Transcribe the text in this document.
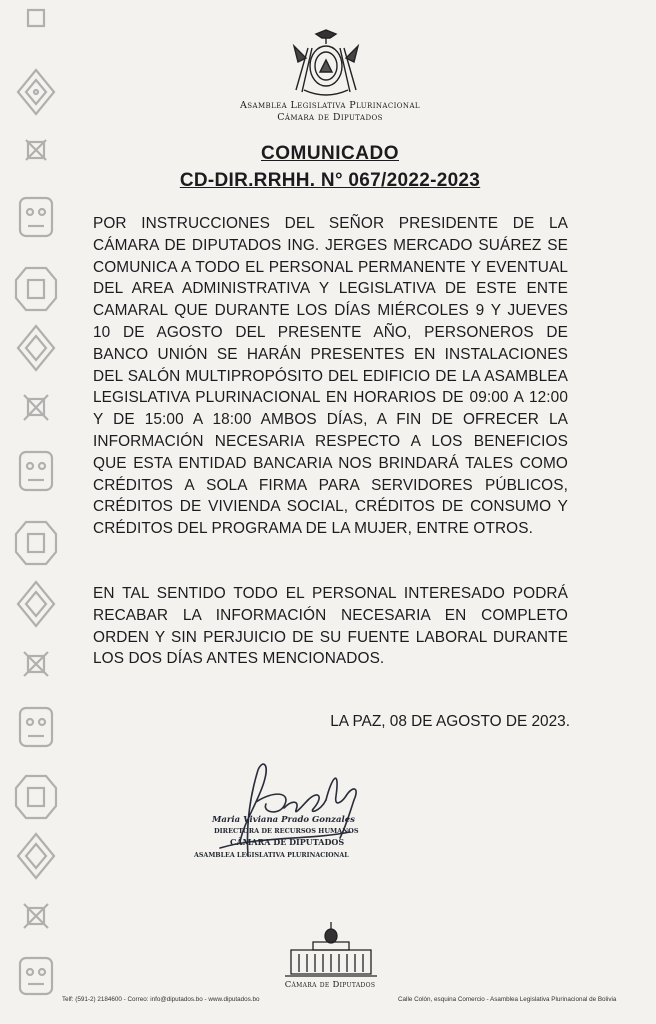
Asamblea Legislativa Plurinacional
Cámara de Diputados
COMUNICADO
CD-DIR.RRHH. N° 067/2022-2023

POR INSTRUCCIONES DEL SEÑOR PRESIDENTE DE LA CÁMARA DE DIPUTADOS ING. JERGES MERCADO SUÁREZ SE COMUNICA A TODO EL PERSONAL PERMANENTE Y EVENTUAL DEL AREA ADMINISTRATIVA Y LEGISLATIVA DE ESTE ENTE CAMARAL QUE DURANTE LOS DÍAS MIÉRCOLES 9 Y JUEVES 10 DE AGOSTO DEL PRESENTE AÑO, PERSONEROS DE BANCO UNIÓN SE HARÁN PRESENTES EN INSTALACIONES DEL SALÓN MULTIPROPÓSITO DEL EDIFICIO DE LA ASAMBLEA LEGISLATIVA PLURINACIONAL EN HORARIOS DE 09:00 A 12:00 Y DE 15:00 A 18:00 AMBOS DÍAS, A FIN DE OFRECER LA INFORMACIÓN NECESARIA RESPECTO A LOS BENEFICIOS QUE ESTA ENTIDAD BANCARIA NOS BRINDARÁ TALES COMO CRÉDITOS A SOLA FIRMA PARA SERVIDORES PÚBLICOS, CRÉDITOS DE VIVIENDA SOCIAL, CRÉDITOS DE CONSUMO Y CRÉDITOS DEL PROGRAMA DE LA MUJER, ENTRE OTROS.

EN TAL SENTIDO TODO EL PERSONAL INTERESADO PODRÁ RECABAR LA INFORMACIÓN NECESARIA EN COMPLETO ORDEN Y SIN PERJUICIO DE SU FUENTE LABORAL DURANTE LOS DOS DÍAS ANTES MENCIONADOS.

LA PAZ, 08 DE AGOSTO DE 2023.
Maria Viviana Prado Gonzales
DIRECTORA DE RECURSOS HUMANOS
CÁMARA DE DIPUTADOS
ASAMBLEA LEGISLATIVA PLURINACIONAL
Cámara de Diputados
Telf: (591-2) 2184600 - Correo: info@diputados.bo - www.diputados.bo	Calle Colón, esquina Comercio - Asamblea Legislativa Plurinacional de Bolivia
